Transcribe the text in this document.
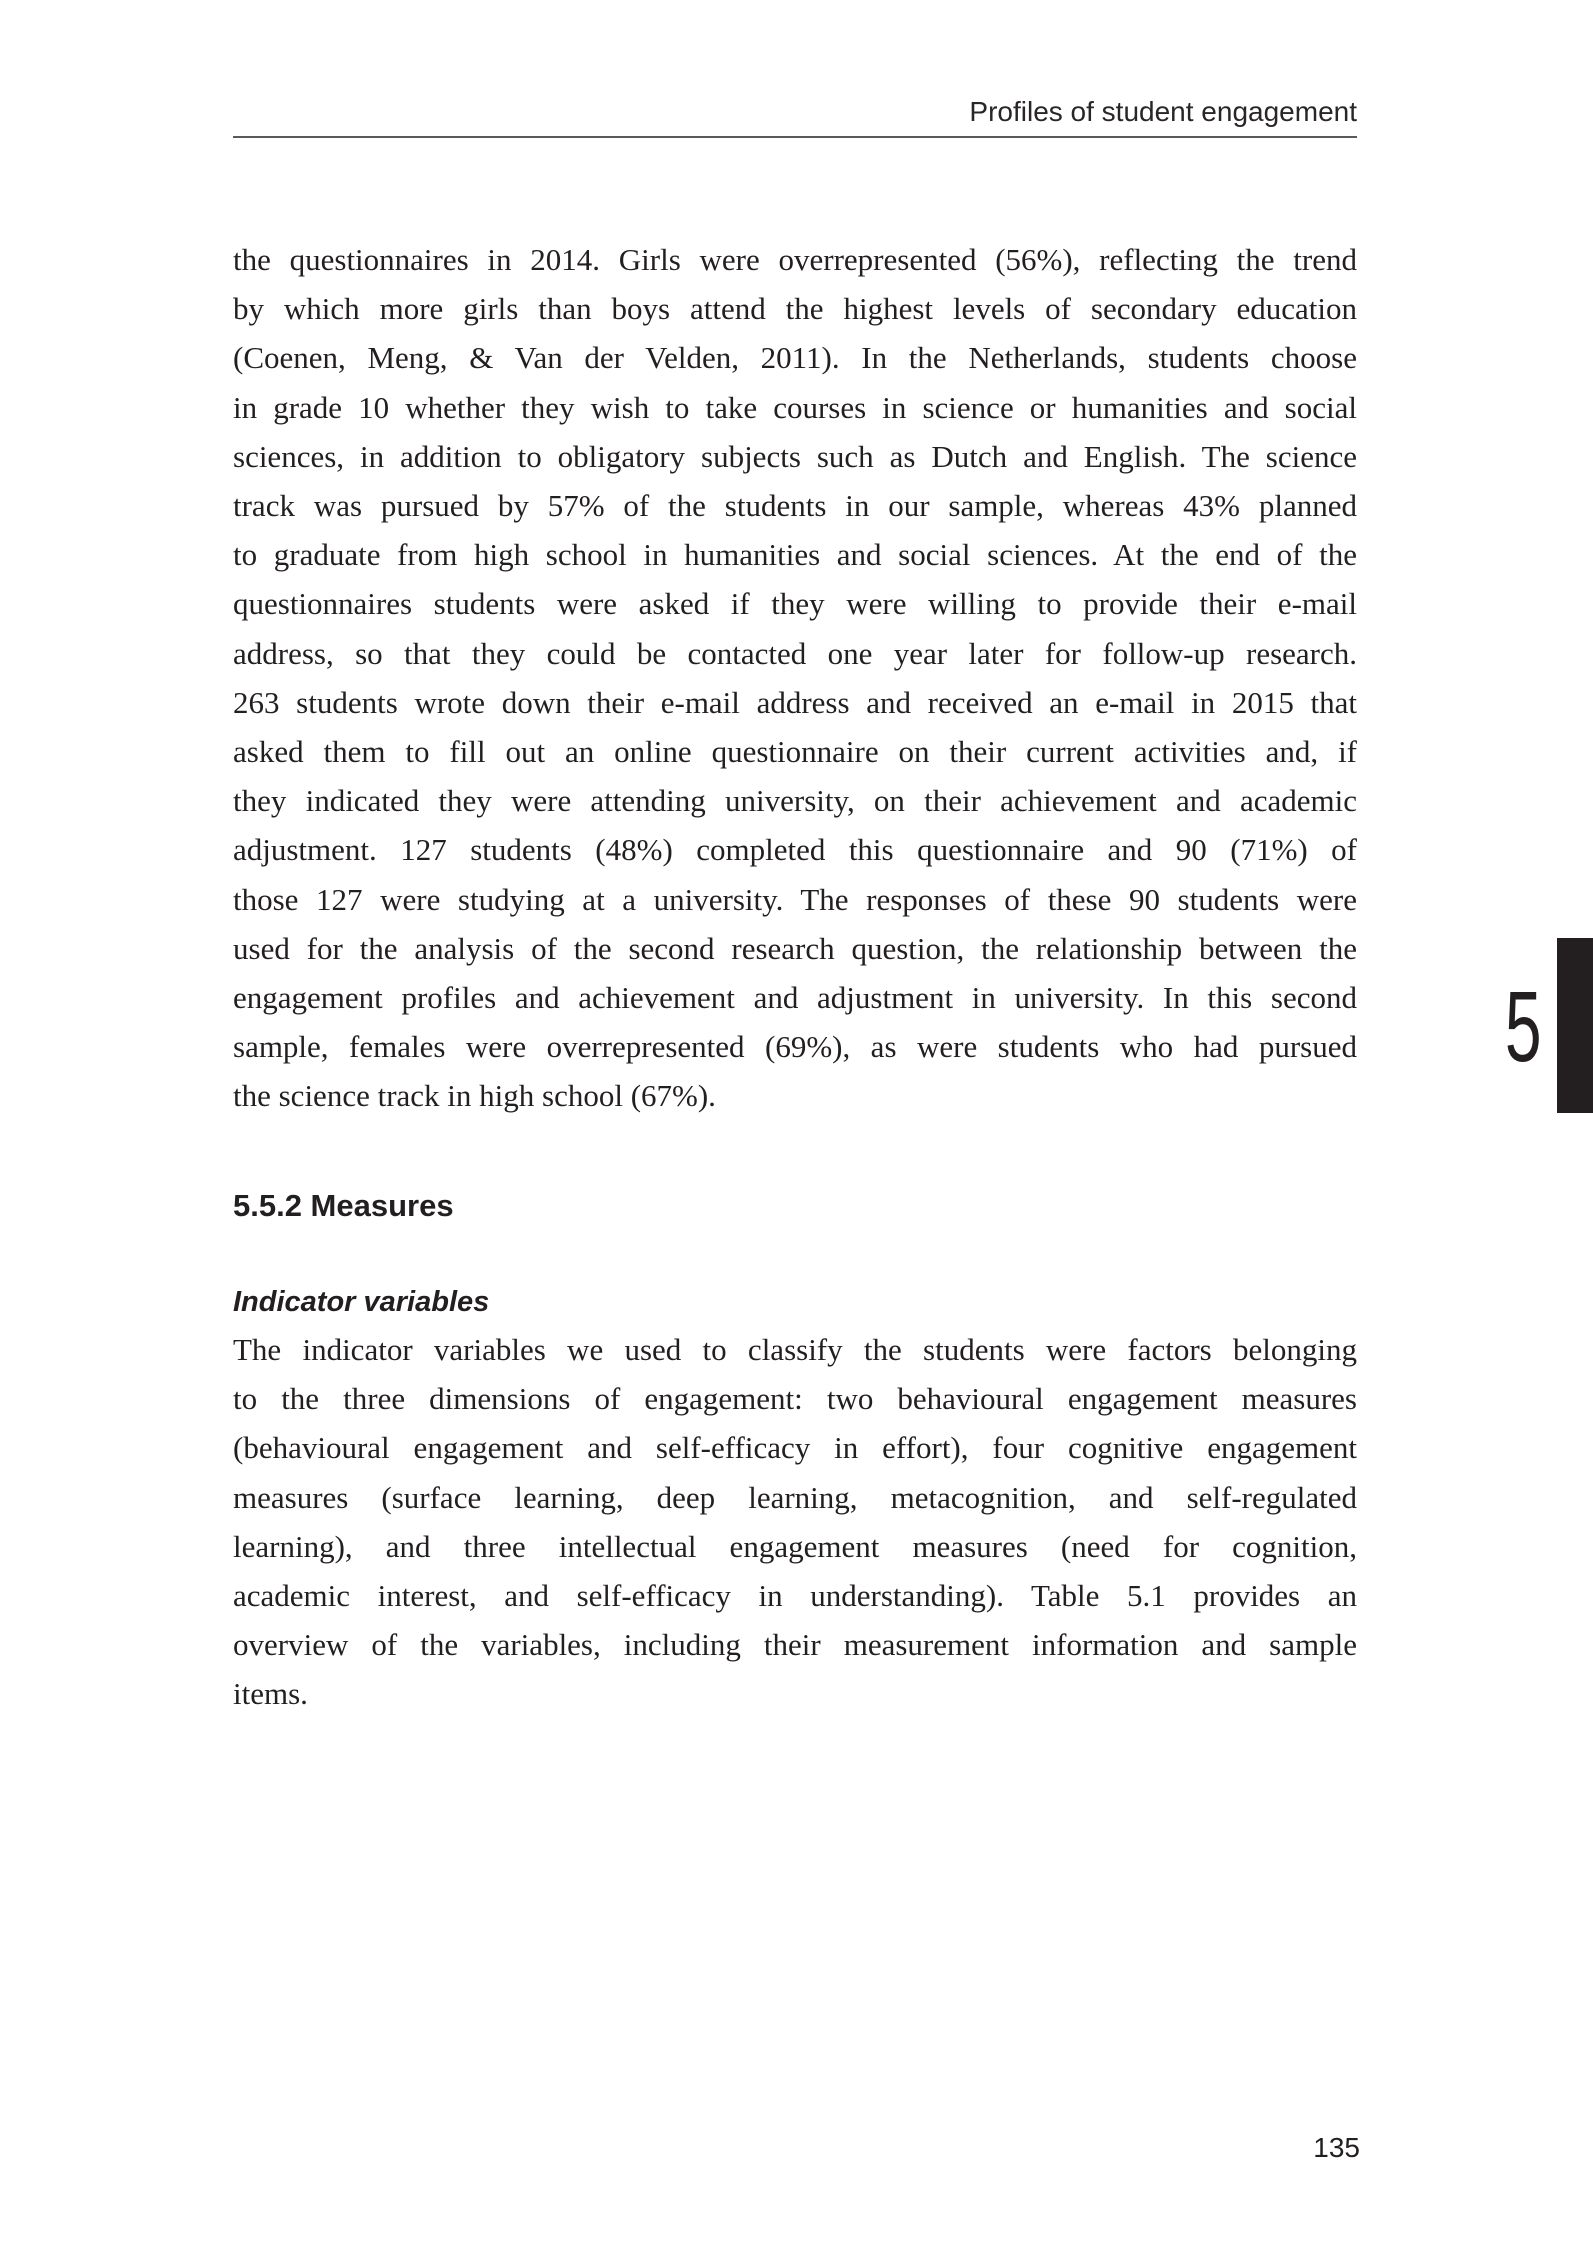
Profiles of student engagement
the questionnaires in 2014. Girls were overrepresented (56%), reflecting the trend
by which more girls than boys attend the highest levels of secondary education
(Coenen, Meng, & Van der Velden, 2011). In the Netherlands, students choose
in grade 10 whether they wish to take courses in science or humanities and social
sciences, in addition to obligatory subjects such as Dutch and English. The science
track was pursued by 57% of the students in our sample, whereas 43% planned
to graduate from high school in humanities and social sciences. At the end of the
questionnaires students were asked if they were willing to provide their e-mail
address, so that they could be contacted one year later for follow-up research.
263 students wrote down their e-mail address and received an e-mail in 2015 that
asked them to fill out an online questionnaire on their current activities and, if
they indicated they were attending university, on their achievement and academic
adjustment. 127 students (48%) completed this questionnaire and 90 (71%) of
those 127 were studying at a university. The responses of these 90 students were
used for the analysis of the second research question, the relationship between the
engagement profiles and achievement and adjustment in university. In this second
sample, females were overrepresented (69%), as were students who had pursued
the science track in high school (67%).
5.5.2 Measures
Indicator variables
The indicator variables we used to classify the students were factors belonging
to the three dimensions of engagement: two behavioural engagement measures
(behavioural engagement and self-efficacy in effort), four cognitive engagement
measures (surface learning, deep learning, metacognition, and self-regulated
learning), and three intellectual engagement measures (need for cognition,
academic interest, and self-efficacy in understanding). Table 5.1 provides an
overview of the variables, including their measurement information and sample
items.
5
135
